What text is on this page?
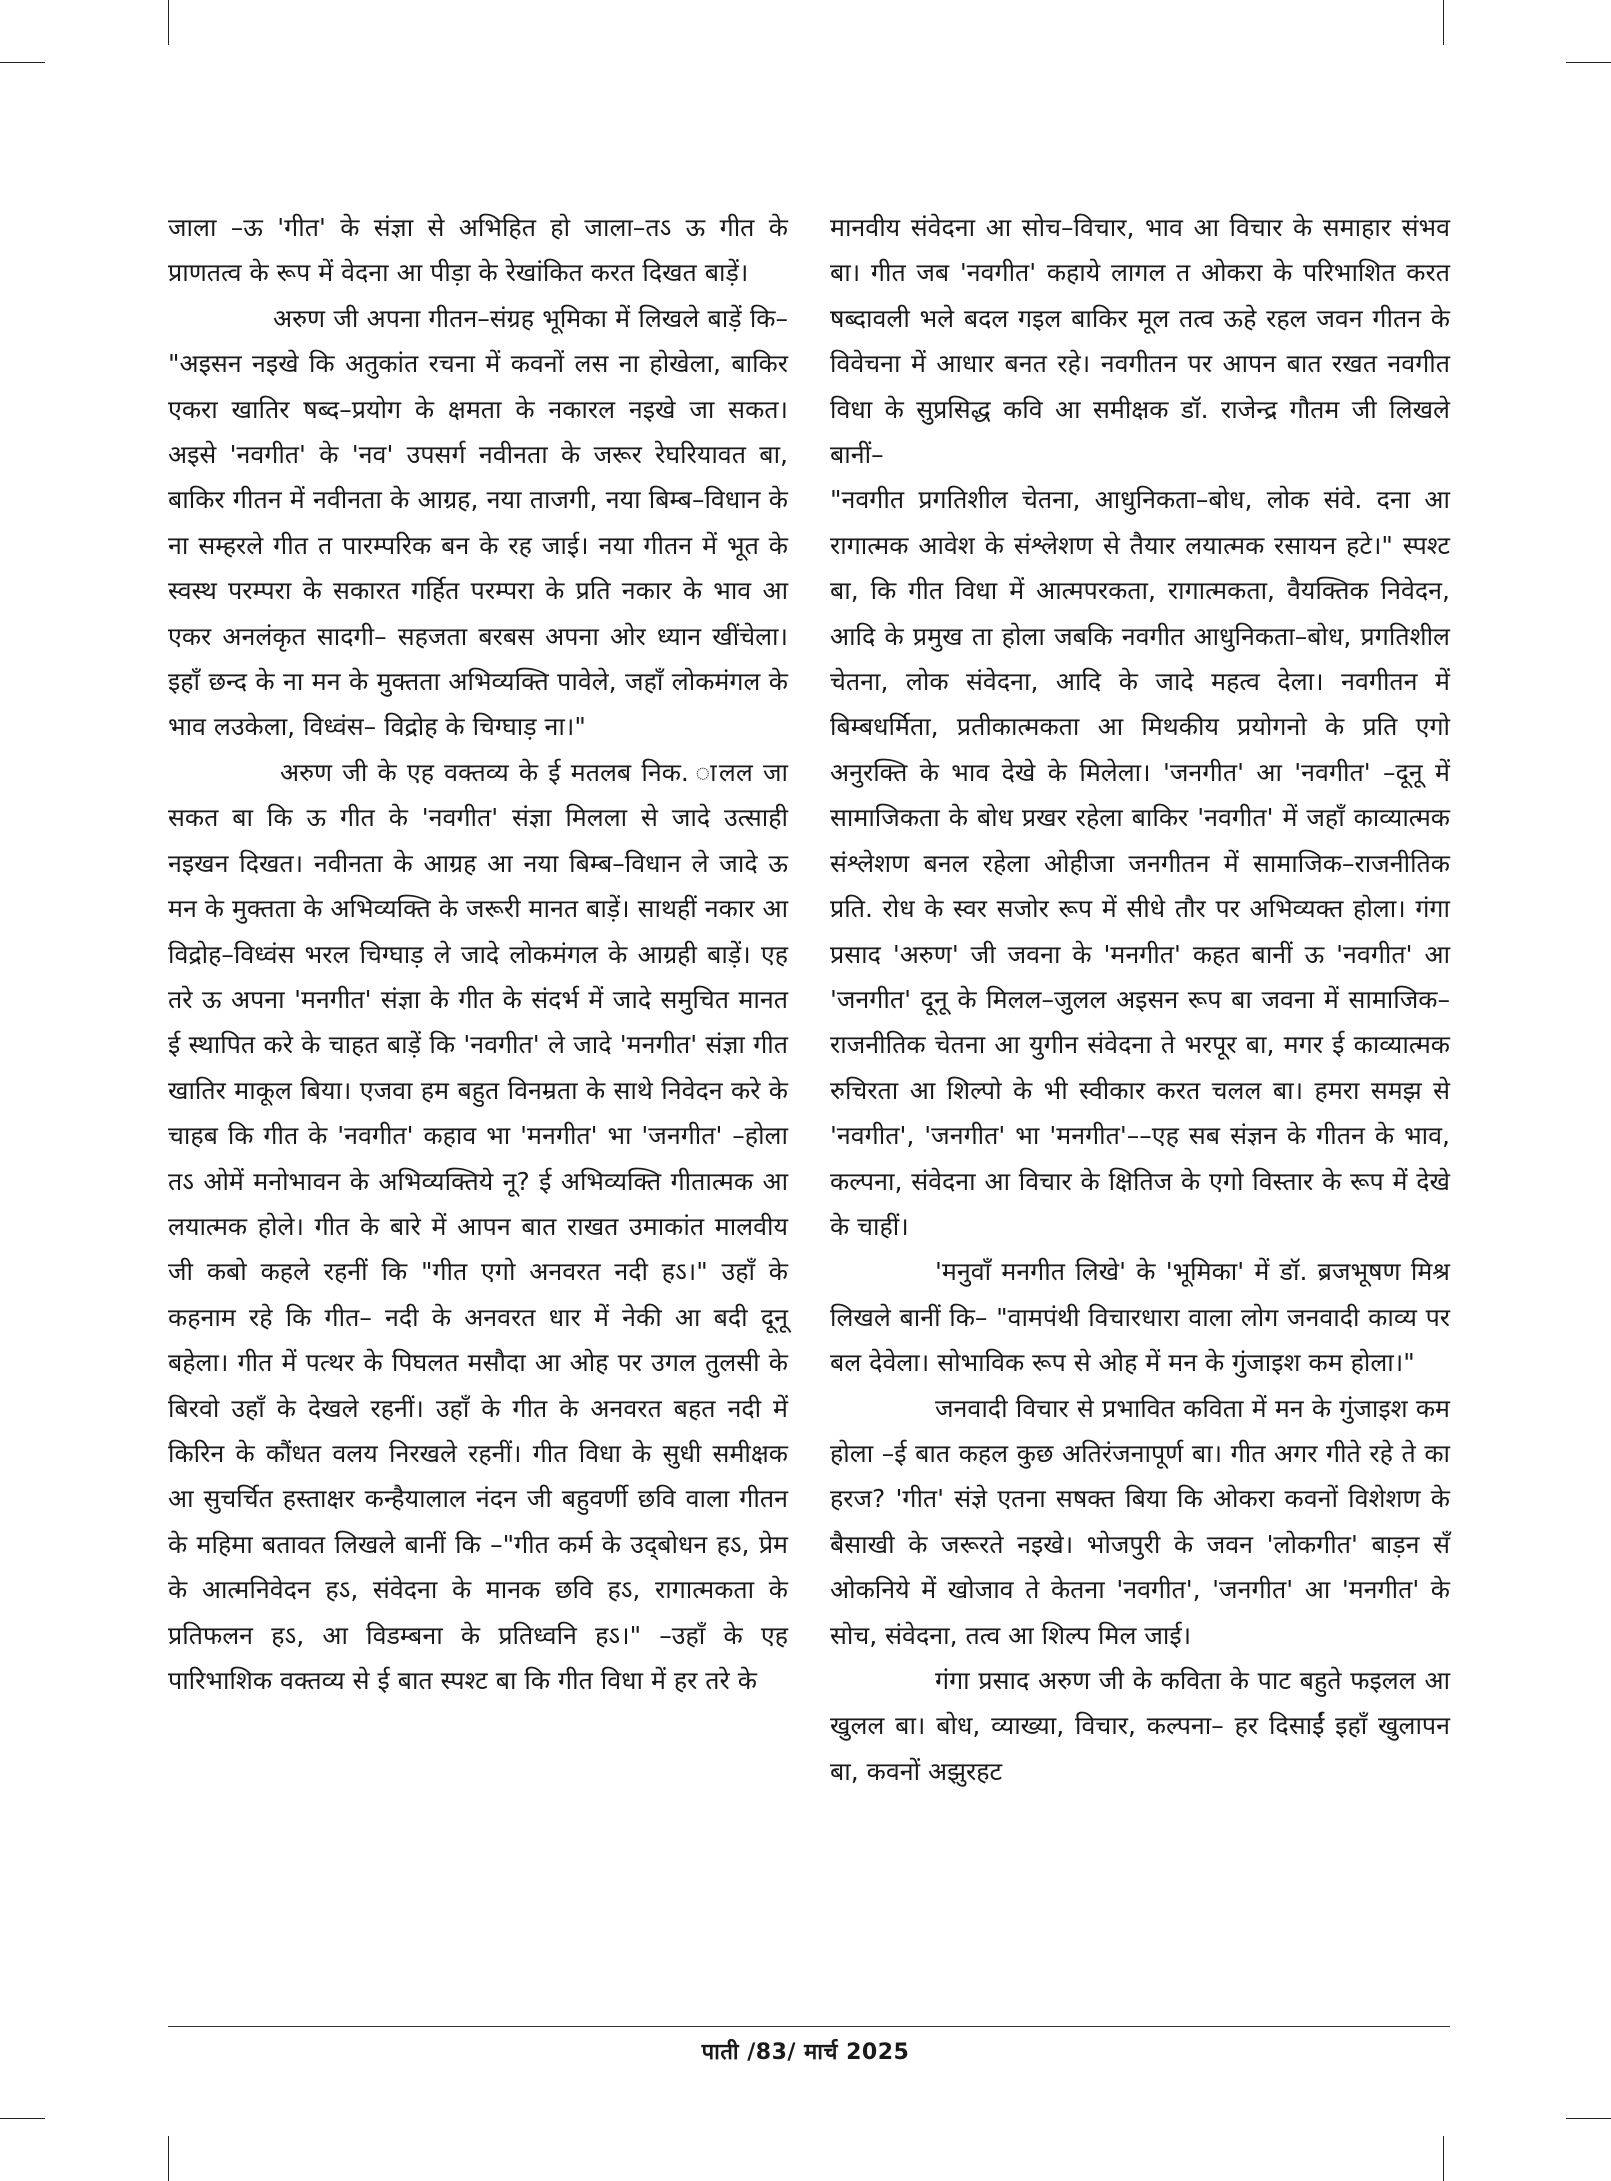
जाला –ऊ 'गीत' के संज्ञा से अभिहित हो जाला–तऽ ऊ गीत के प्राणतत्व के रूप में वेदना आ पीड़ा के रेखांकित करत दिखत बाड़ें।

अरुण जी अपना गीतन–संग्रह भूमिका में लिखले बाड़ें कि– "अइसन नइखे कि अतुकांत रचना में कवनों लस ना होखेला, बाकिर एकरा खातिर षब्द–प्रयोग के क्षमता के नकारल नइखे जा सकत। अइसे 'नवगीत' के 'नव' उपसर्ग नवीनता के जरूर रेघरियावत बा, बाकिर गीतन में नवीनता के आग्रह, नया ताजगी, नया बिम्ब–विधान के ना सम्हरले गीत त पारम्परिक बन के रह जाई। नया गीतन में भूत के स्वस्थ परम्परा के सकारत गर्हित परम्परा के प्रति नकार के भाव आ एकर अनलंकृत सादगी– सहजता बरबस अपना ओर ध्यान खींचेला। इहाँ छन्द के ना मन के मुक्तता अभिव्यक्ति पावेले, जहाँ लोकमंगल के भाव लउकेला, विध्वंस– विद्रोह के चिग्घाड़ ना।"

अरुण जी के एह वक्तव्य के ई मतलब निक. ालल जा सकत बा कि ऊ गीत के 'नवगीत' संज्ञा मिलला से जादे उत्साही नइखन दिखत। नवीनता के आग्रह आ नया बिम्ब–विधान ले जादे ऊ मन के मुक्तता के अभिव्यक्ति के जरूरी मानत बाड़ें। साथहीं नकार आ विद्रोह–विध्वंस भरल चिग्घाड़ ले जादे लोकमंगल के आग्रही बाड़ें। एह तरे ऊ अपना 'मनगीत' संज्ञा के गीत के संदर्भ में जादे समुचित मानत ई स्थापित करे के चाहत बाड़ें कि 'नवगीत' ले जादे 'मनगीत' संज्ञा गीत खातिर माकूल बिया। एजवा हम बहुत विनम्रता के साथे निवेदन करे के चाहब कि गीत के 'नवगीत' कहाव भा 'मनगीत' भा 'जनगीत' –होला तऽ ओमें मनोभावन के अभिव्यक्तिये नू? ई अभिव्यक्ति गीतात्मक आ लयात्मक होले। गीत के बारे में आपन बात राखत उमाकांत मालवीय जी कबो कहले रहनीं कि "गीत एगो अनवरत नदी हऽ।" उहाँ के कहनाम रहे कि गीत– नदी के अनवरत धार में नेकी आ बदी दूनू बहेला। गीत में पत्थर के पिघलत मसौदा आ ओह पर उगल तुलसी के बिरवो उहाँ के देखले रहनीं। उहाँ के गीत के अनवरत बहत नदी में किरिन के कौंधत वलय निरखले रहनीं। गीत विधा के सुधी समीक्षक आ सुचर्चित हस्ताक्षर कन्हैयालाल नंदन जी बहुवर्णी छवि वाला गीतन के महिमा बतावत लिखले बानीं कि –"गीत कर्म के उद्‌बोधन हऽ, प्रेम के आत्मनिवेदन हऽ, संवेदना के मानक छवि हऽ, रागात्मकता के प्रतिफलन हऽ, आ विडम्बना के प्रतिध्वनि हऽ।" –उहाँ के एह पारिभाशिक वक्तव्य से ई बात स्पश्ट बा कि गीत विधा में हर तरे के

मानवीय संवेदना आ सोच–विचार, भाव आ विचार के समाहार संभव बा। गीत जब 'नवगीत' कहाये लागल त ओकरा के परिभाशित करत षब्दावली भले बदल गइल बाकिर मूल तत्व ऊहे रहल जवन गीतन के विवेचना में आधार बनत रहे। नवगीतन पर आपन बात रखत नवगीत विधा के सुप्रसिद्ध कवि आ समीक्षक डॉ. राजेन्द्र गौतम जी लिखले बानीं–

"नवगीत प्रगतिशील चेतना, आधुनिकता–बोध, लोक संवे. दना आ रागात्मक आवेश के संश्लेशण से तैयार लयात्मक रसायन हटे।" स्पश्ट बा, कि गीत विधा में आत्मपरकता, रागात्मकता, वैयक्तिक निवेदन, आदि के प्रमुख ता होला जबकि नवगीत आधुनिकता–बोध, प्रगतिशील चेतना, लोक संवेदना, आदि के जादे महत्व देला। नवगीतन में बिम्बधर्मिता, प्रतीकात्मकता आ मिथकीय प्रयोगनो के प्रति एगो अनुरक्ति के भाव देखे के मिलेला। 'जनगीत' आ 'नवगीत' –दूनू में सामाजिकता के बोध प्रखर रहेला बाकिर 'नवगीत' में जहाँ काव्यात्मक संश्लेशण बनल रहेला ओहीजा जनगीतन में सामाजिक–राजनीतिक प्रति. रोध के स्वर सजोर रूप में सीधे तौर पर अभिव्यक्त होला। गंगा प्रसाद 'अरुण' जी जवना के 'मनगीत' कहत बानीं ऊ 'नवगीत' आ 'जनगीत' दूनू के मिलल–जुलल अइसन रूप बा जवना में सामाजिक–राजनीतिक चेतना आ युगीन संवेदना ते भरपूर बा, मगर ई काव्यात्मक रुचिरता आ शिल्पो के भी स्वीकार करत चलल बा। हमरा समझ से 'नवगीत', 'जनगीत' भा 'मनगीत'––एह सब संज्ञन के गीतन के भाव, कल्पना, संवेदना आ विचार के क्षितिज के एगो विस्तार के रूप में देखे के चाहीं।

'मनुवाँ मनगीत लिखे' के 'भूमिका' में डॉ. ब्रजभूषण मिश्र लिखले बानीं कि– "वामपंथी विचारधारा वाला लोग जनवादी काव्य पर बल देवेला। सोभाविक रूप से ओह में मन के गुंजाइश कम होला।"

जनवादी विचार से प्रभावित कविता में मन के गुंजाइश कम होला –ई बात कहल कुछ अतिरंजनापूर्ण बा। गीत अगर गीते रहे ते का हरज? 'गीत' संज्ञे एतना सषक्त बिया कि ओकरा कवनों विशेशण के बैसाखी के जरूरते नइखे। भोजपुरी के जवन 'लोकगीत' बाड़न सँ ओकनिये में खोजाव ते केतना 'नवगीत', 'जनगीत' आ 'मनगीत' के सोच, संवेदना, तत्व आ शिल्प मिल जाई।

गंगा प्रसाद अरुण जी के कविता के पाट बहुते फइलल आ खुलल बा। बोध, व्याख्या, विचार, कल्पना– हर दिसाईं इहाँ खुलापन बा, कवनों अझुरहट

पाती /83/ मार्च 2025
